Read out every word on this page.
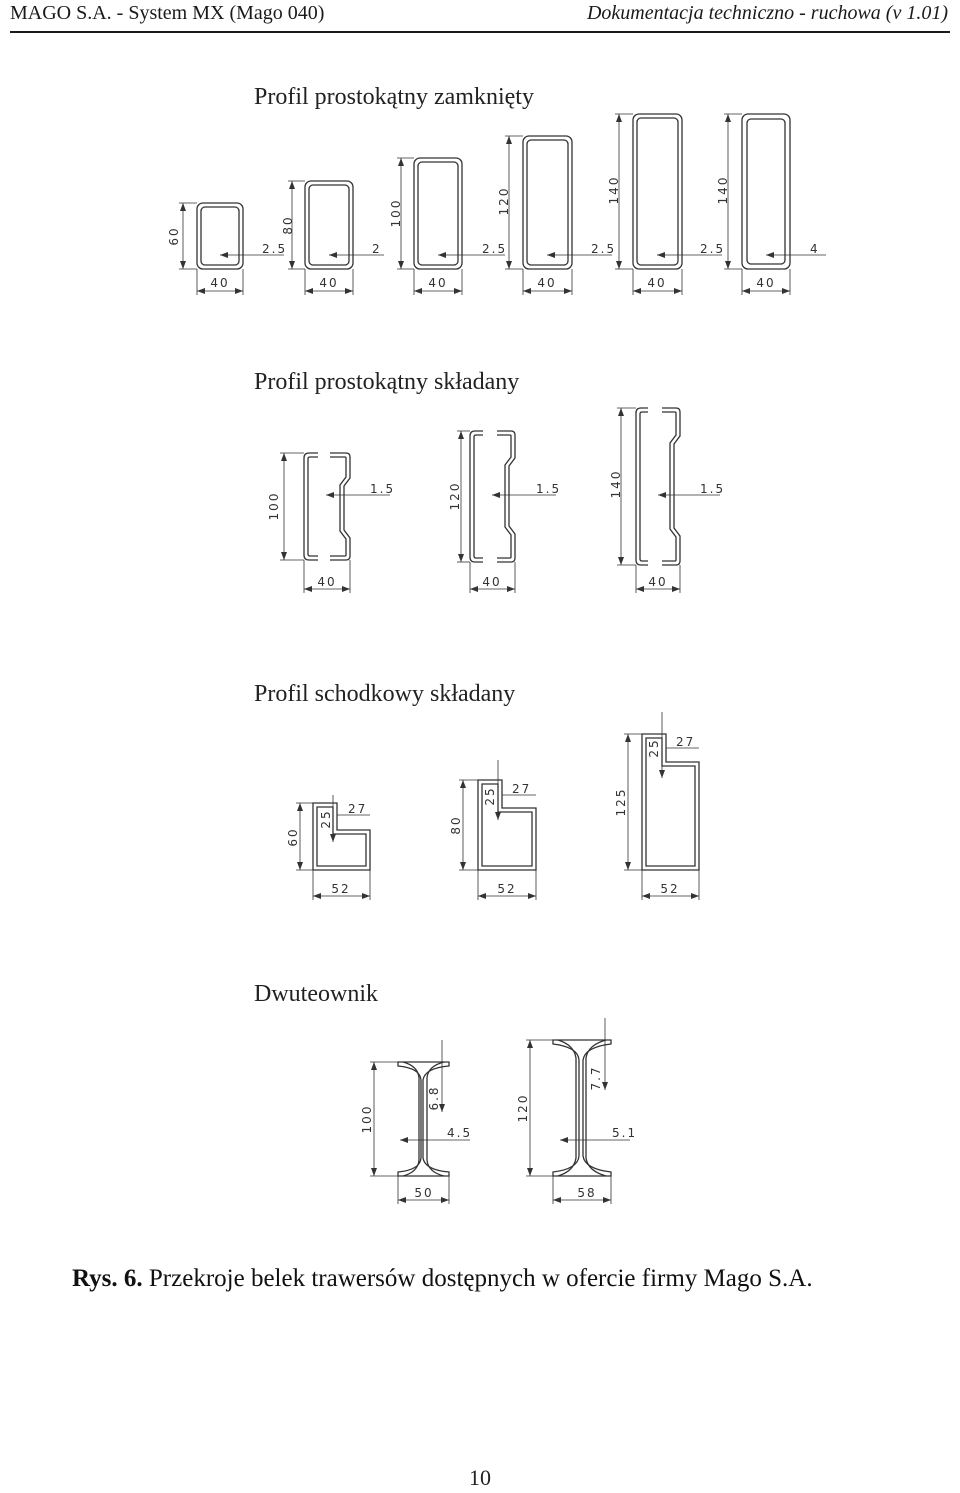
MAGO S.A. - System MX (Mago 040)	Dokumentacja techniczno - ruchowa (v 1.01)
Profil prostokątny zamknięty
Profil prostokątny składany
Profil schodkowy składany
Dwuteownik
60
40
2.5
80
40
2
100
40
2.5
120
40
2.5
140
40
2.5
140
40
4
100
40
1.5	120
40
1.5	140
40
1.5
60
52
25
27
80
52
25 27	125
52
25 27
100
50
6.8
4.5
120
58
7.7
5.1
Rys. 6. Przekroje belek trawersów dostępnych w ofercie firmy Mago S.A.
10
